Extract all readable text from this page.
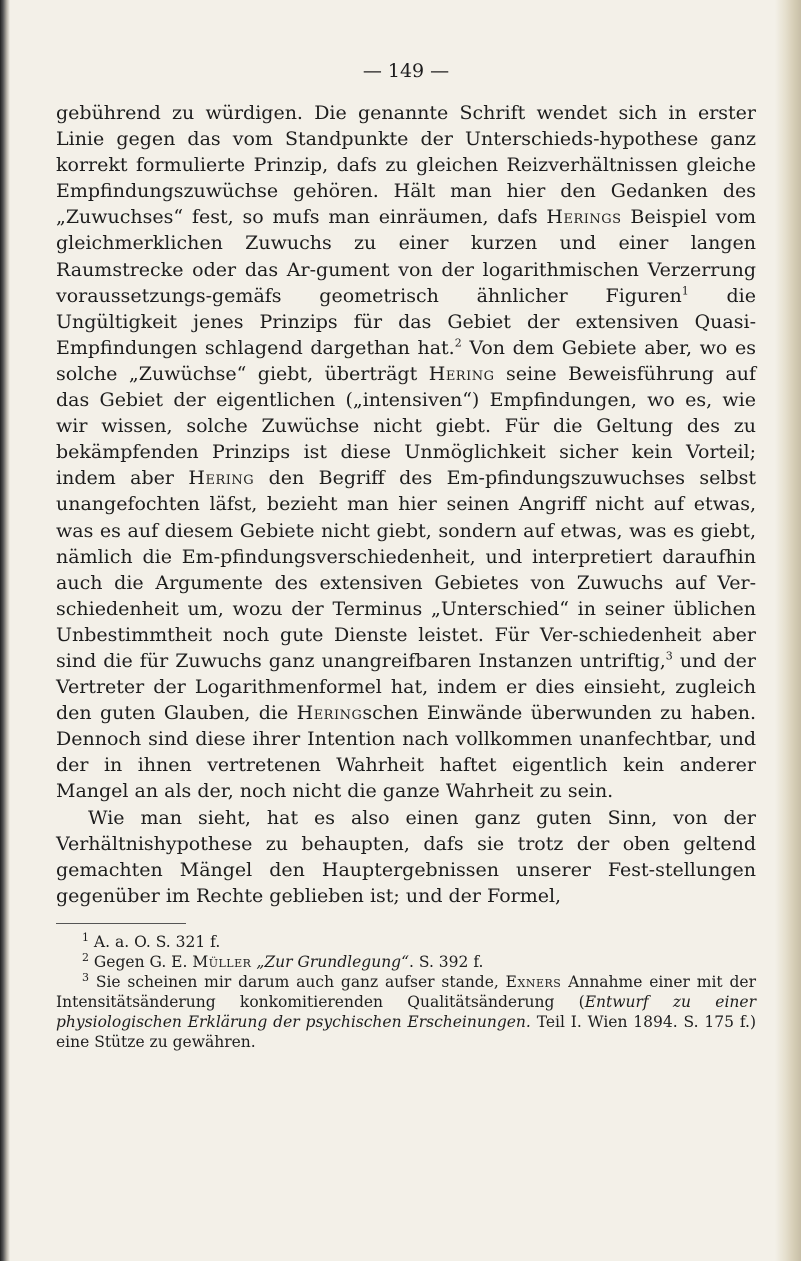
— 149 —

gebührend zu würdigen. Die genannte Schrift wendet sich in erster Linie gegen das vom Standpunkte der Unterschieds-hypothese ganz korrekt formulierte Prinzip, dafs zu gleichen Reizverhältnissen gleiche Empfindungszuwüchse gehören. Hält man hier den Gedanken des „Zuwuchses“ fest, so mufs man einräumen, dafs Herings Beispiel vom gleichmerklichen Zuwuchs zu einer kurzen und einer langen Raumstrecke oder das Ar-gument von der logarithmischen Verzerrung voraussetzungs-gemäfs geometrisch ähnlicher Figuren$^1$ die Ungültigkeit jenes Prinzips für das Gebiet der extensiven Quasi-Empfindungen schlagend dargethan hat.$^2$ Von dem Gebiete aber, wo es solche „Zuwüchse“ giebt, überträgt Hering seine Beweisführung auf das Gebiet der eigentlichen („intensiven“) Empfindungen, wo es, wie wir wissen, solche Zuwüchse nicht giebt. Für die Geltung des zu bekämpfenden Prinzips ist diese Unmöglichkeit sicher kein Vorteil; indem aber Hering den Begriff des Em-pfindungszuwuchses selbst unangefochten läfst, bezieht man hier seinen Angriff nicht auf etwas, was es auf diesem Gebiete nicht giebt, sondern auf etwas, was es giebt, nämlich die Em-pfindungsverschiedenheit, und interpretiert daraufhin auch die Argumente des extensiven Gebietes von Zuwuchs auf Ver-schiedenheit um, wozu der Terminus „Unterschied“ in seiner üblichen Unbestimmtheit noch gute Dienste leistet. Für Ver-schiedenheit aber sind die für Zuwuchs ganz unangreifbaren Instanzen untriftig,$^3$ und der Vertreter der Logarithmenformel hat, indem er dies einsieht, zugleich den guten Glauben, die Heringschen Einwände überwunden zu haben. Dennoch sind diese ihrer Intention nach vollkommen unanfechtbar, und der in ihnen vertretenen Wahrheit haftet eigentlich kein anderer Mangel an als der, noch nicht die ganze Wahrheit zu sein.

Wie man sieht, hat es also einen ganz guten Sinn, von der Verhältnishypothese zu behaupten, dafs sie trotz der oben geltend gemachten Mängel den Hauptergebnissen unserer Fest-stellungen gegenüber im Rechte geblieben ist; und der Formel,

$^1$ A. a. O. S. 321 f.

$^2$ Gegen G. E. Müller „Zur Grundlegung“. S. 392 f.

$^3$ Sie scheinen mir darum auch ganz aufser stande, Exners Annahme einer mit der Intensitätsänderung konkomitierenden Qualitätsänderung (Entwurf zu einer physiologischen Erklärung der psychischen Erscheinungen. Teil I. Wien 1894. S. 175 f.) eine Stütze zu gewähren.
